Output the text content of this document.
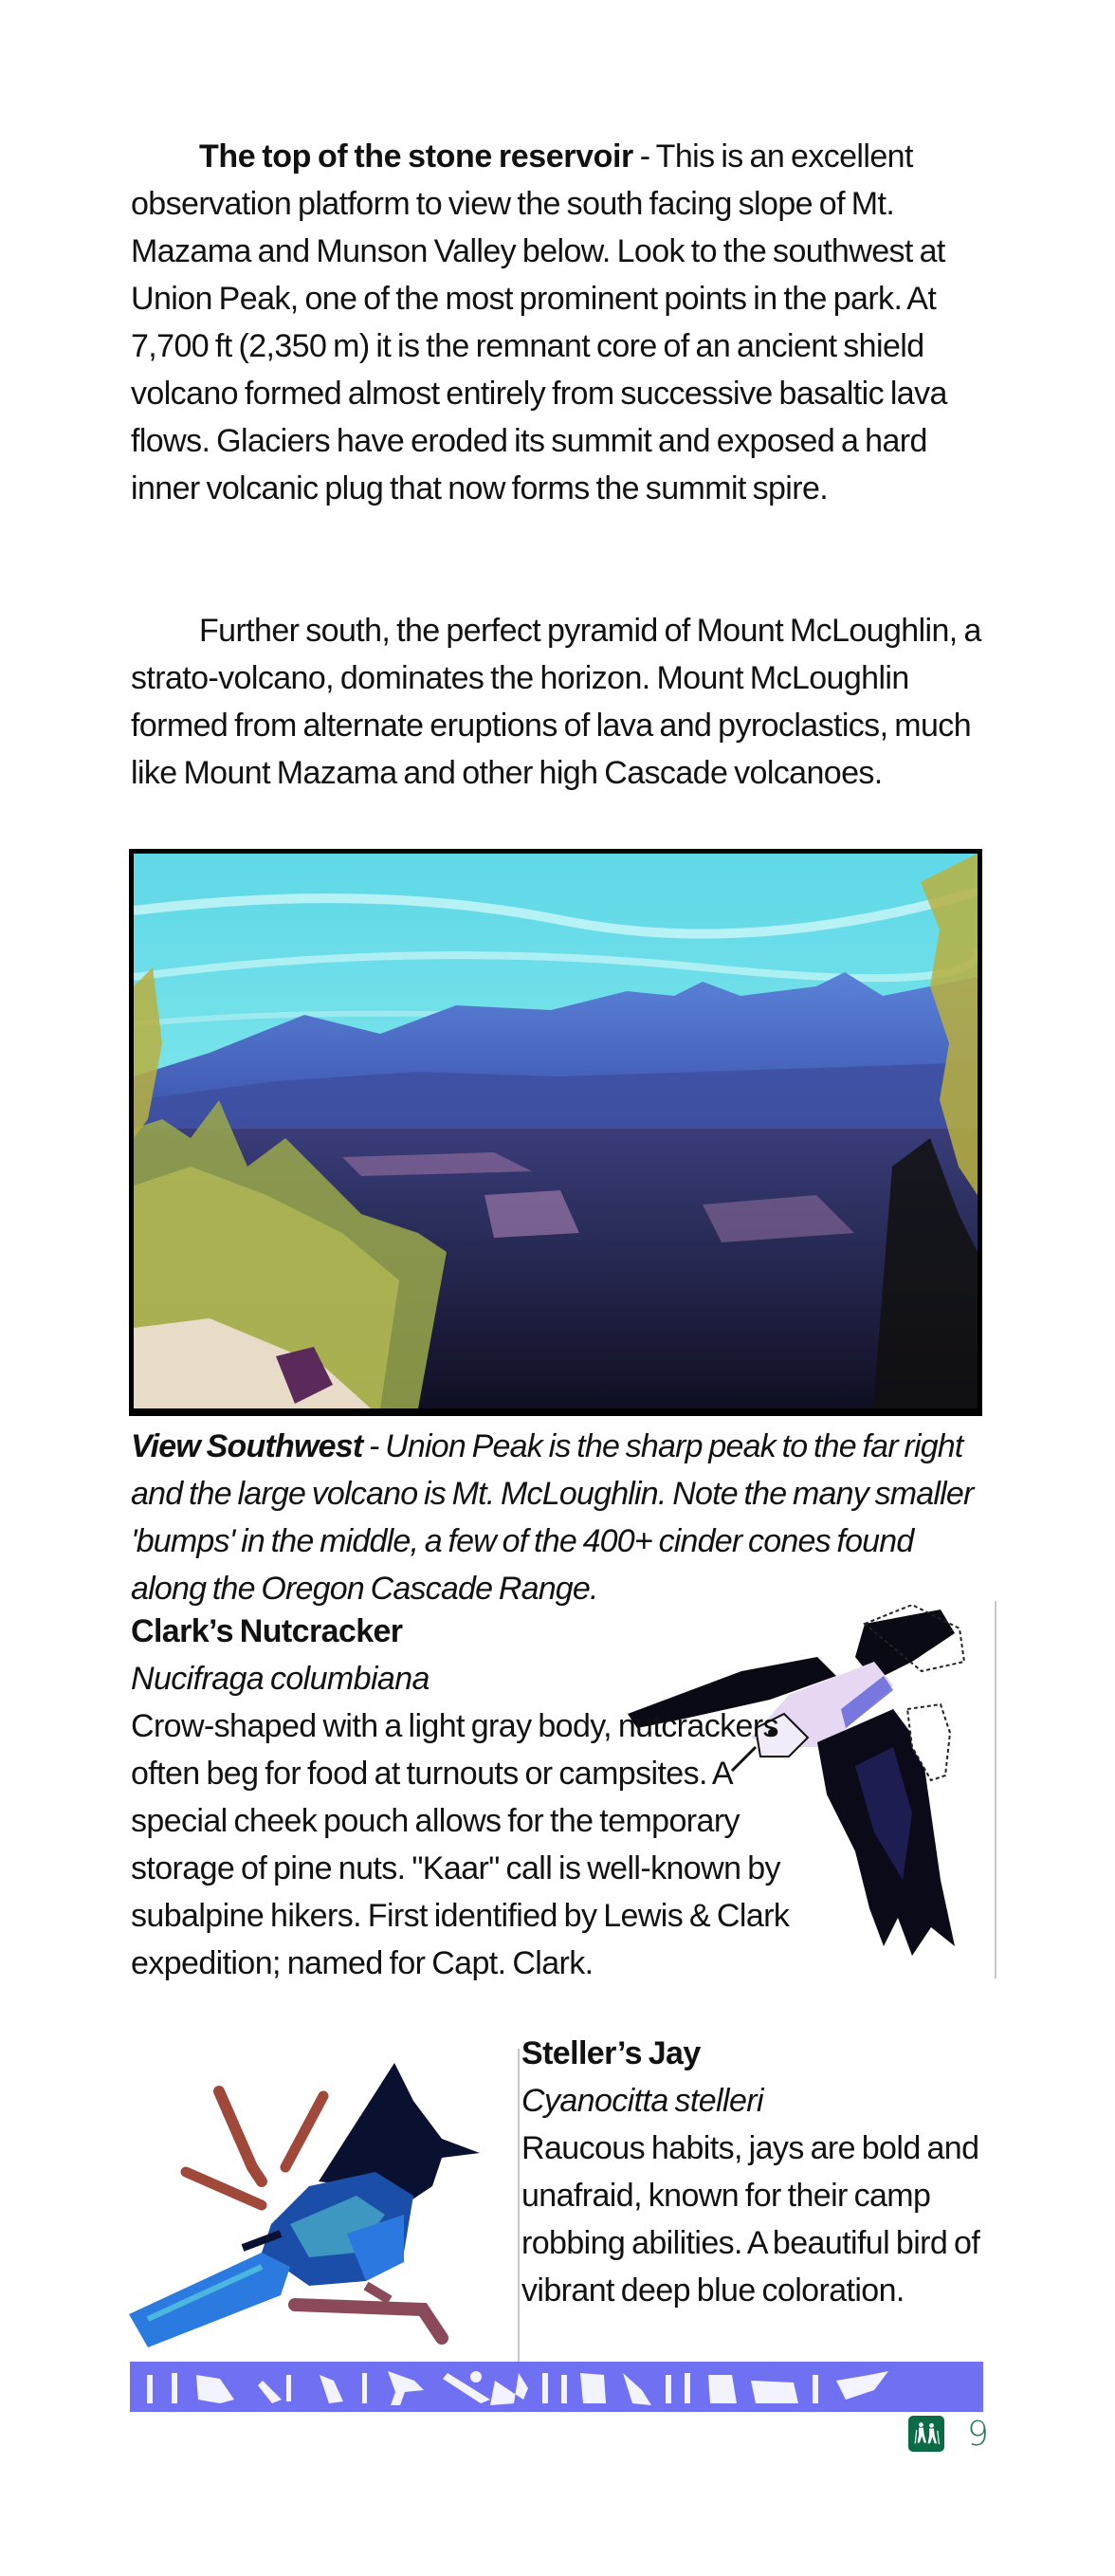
The top of the stone reservoir - This is an excellent observation platform to view the south facing slope of Mt. Mazama and Munson Valley below. Look to the southwest at Union Peak, one of the most prominent points in the park. At 7,700 ft (2,350 m) it is the remnant core of an ancient shield volcano formed almost entirely from successive basaltic lava flows. Glaciers have eroded its summit and exposed a hard inner volcanic plug that now forms the summit spire.

Further south, the perfect pyramid of Mount McLoughlin, a strato-volcano, dominates the horizon. Mount McLoughlin formed from alternate eruptions of lava and pyroclastics, much like Mount Mazama and other high Cascade volcanoes.

View Southwest - Union Peak is the sharp peak to the far right and the large volcano is Mt. McLoughlin. Note the many smaller 'bumps' in the middle, a few of the 400+ cinder cones found along the Oregon Cascade Range.

Clark’s Nutcracker

Nucifraga columbiana

Crow-shaped with a light gray body, nutcrackers often beg for food at turnouts or campsites. A special cheek pouch allows for the temporary storage of pine nuts. "Kaar" call is well-known by subalpine hikers. First identified by Lewis & Clark expedition; named for Capt. Clark.

Steller’s Jay

Cyanocitta stelleri

Raucous habits, jays are bold and unafraid, known for their camp robbing abilities. A beautiful bird of vibrant deep blue coloration.

9
